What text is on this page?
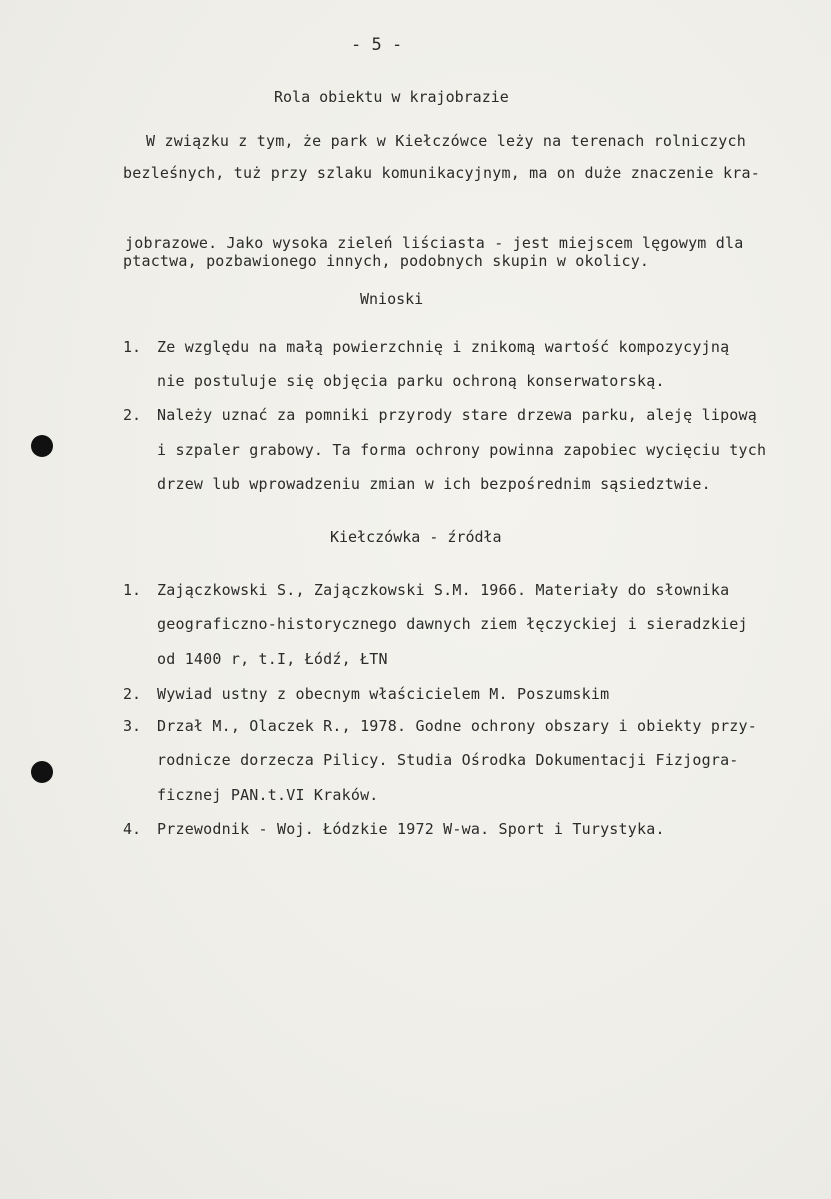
- 5 -
Rola obiektu w krajobrazie
W związku z tym, że park w Kiełczówce leży na terenach rolniczych
bezleśnych, tuż przy szlaku komunikacyjnym, ma on duże znaczenie kra-
jobrazowe. Jako wysoka zieleń liściasta - jest miejscem lęgowym dla
ptactwa, pozbawionego innych, podobnych skupin w okolicy.
Wnioski
1. Ze względu na małą powierzchnię i znikomą wartość kompozycyjną
nie postuluje się objęcia parku ochroną konserwatorską.
2. Należy uznać za pomniki przyrody stare drzewa parku, aleję lipową
i szpaler grabowy. Ta forma ochrony powinna zapobiec wycięciu tych
drzew lub wprowadzeniu zmian w ich bezpośrednim sąsiedztwie.
Kiełczówka - źródła
1. Zajączkowski S., Zajączkowski S.M. 1966. Materiały do słownika
geograficzno-historycznego dawnych ziem łęczyckiej i sieradzkiej
od 1400 r, t.I, Łódź, ŁTN
2. Wywiad ustny z obecnym właścicielem M. Poszumskim
3. Drzał M., Olaczek R., 1978. Godne ochrony obszary i obiekty przy-
rodnicze dorzecza Pilicy. Studia Ośrodka Dokumentacji Fizjogra-
ficznej PAN.t.VI Kraków.
4. Przewodnik - Woj. Łódzkie 1972 W-wa. Sport i Turystyka.
